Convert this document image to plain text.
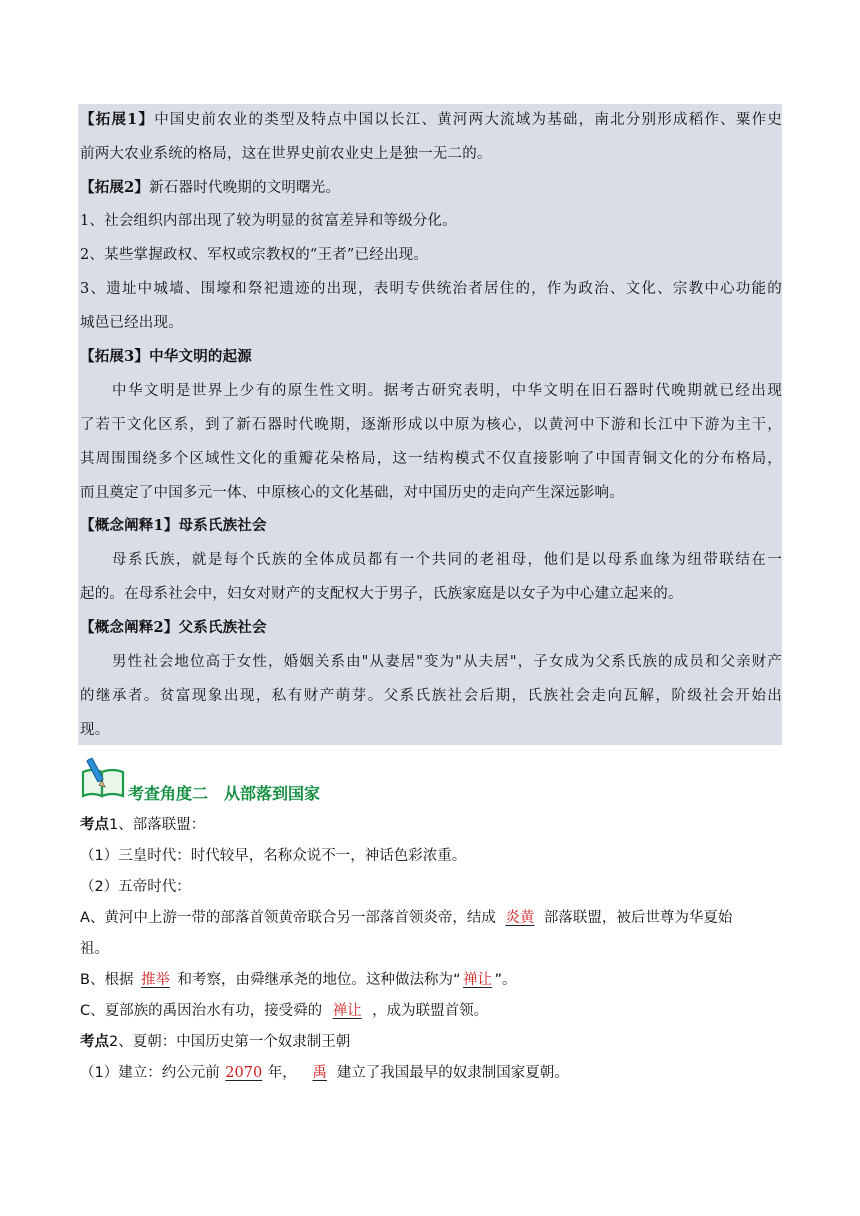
【拓展1】中国史前农业的类型及特点中国以长江、黄河两大流域为基础，南北分别形成稻作、粟作史
前两大农业系统的格局，这在世界史前农业史上是独一无二的。
【拓展2】新石器时代晚期的文明曙光。
1、社会组织内部出现了较为明显的贫富差异和等级分化。
2、某些掌握政权、军权或宗教权的“王者”已经出现。
3、遗址中城墙、围壕和祭祀遗迹的出现，表明专供统治者居住的，作为政治、文化、宗教中心功能的
城邑已经出现。
【拓展3】中华文明的起源
中华文明是世界上少有的原生性文明。据考古研究表明，中华文明在旧石器时代晚期就已经出现
了若干文化区系，到了新石器时代晚期，逐渐形成以中原为核心，以黄河中下游和长江中下游为主干，
其周围围绕多个区域性文化的重瓣花朵格局，这一结构模式不仅直接影响了中国青铜文化的分布格局，
而且奠定了中国多元一体、中原核心的文化基础，对中国历史的走向产生深远影响。
【概念阐释1】母系氏族社会
母系氏族，就是每个氏族的全体成员都有一个共同的老祖母，他们是以母系血缘为纽带联结在一
起的。在母系社会中，妇女对财产的支配权大于男子，氏族家庭是以女子为中心建立起来的。
【概念阐释2】父系氏族社会
男性社会地位高于女性，婚姻关系由"从妻居"变为"从夫居"，子女成为父系氏族的成员和父亲财产
的继承者。贫富现象出现，私有财产萌芽。父系氏族社会后期，氏族社会走向瓦解，阶级社会开始出
现。
考查角度二 从部落到国家
考点1、部落联盟：
（1）三皇时代：时代较早，名称众说不一，神话色彩浓重。
（2）五帝时代：
A、黄河中上游一带的部落首领黄帝联合另一部落首领炎帝，结成 炎黄 部落联盟，被后世尊为华夏始
祖。
B、根据 推举 和考察，由舜继承尧的地位。这种做法称为“ 禅让 ”。
C、夏部族的禹因治水有功，接受舜的 禅让 ，成为联盟首领。
考点2、夏朝：中国历史第一个奴隶制王朝
（1）建立：约公元前 2070 年， 禹 建立了我国最早的奴隶制国家夏朝。
